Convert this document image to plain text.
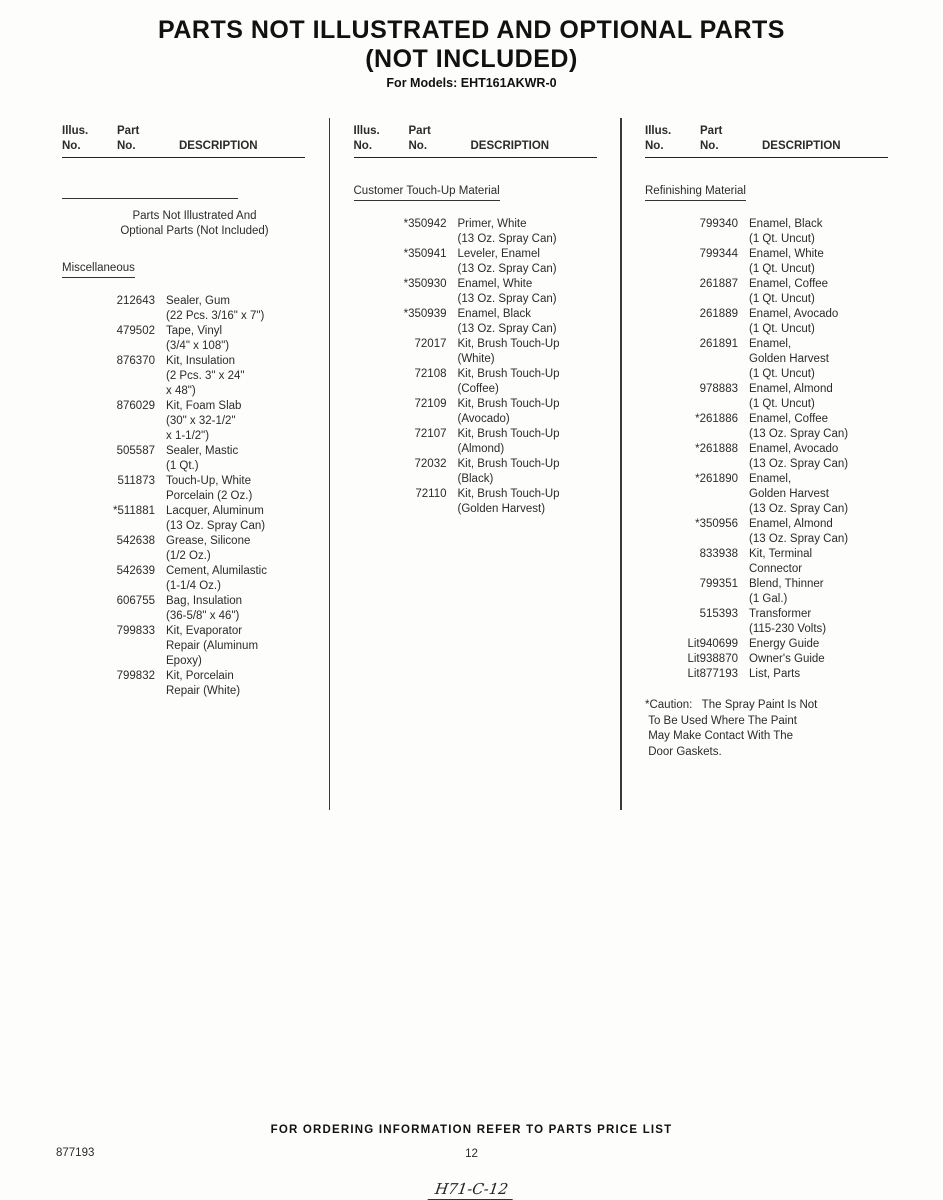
PARTS NOT ILLUSTRATED AND OPTIONAL PARTS
(NOT INCLUDED)
For Models: EHT161AKWR-0
Illus.
No.
Part
No.	DESCRIPTION
Parts Not Illustrated And
Optional Parts (Not Included)
Miscellaneous
212643 Sealer, Gum
(22 Pcs. 3/16" x 7")
479502 Tape, Vinyl
(3/4" x 108")
876370 Kit, Insulation
(2 Pcs. 3" x 24"
x 48")
876029 Kit, Foam Slab
(30" x 32-1/2"
x 1-1/2")
505587 Sealer, Mastic
(1 Qt.)
511873 Touch-Up, White
Porcelain (2 Oz.)
*511881 Lacquer, Aluminum
(13 Oz. Spray Can)
542638 Grease, Silicone
(1/2 Oz.)
542639 Cement, Alumilastic
(1-1/4 Oz.)
606755 Bag, Insulation
(36-5/8" x 46")
799833 Kit, Evaporator
Repair (Aluminum
Epoxy)
799832 Kit, Porcelain
Repair (White)
Illus.
No.
Part
No.	DESCRIPTION
Customer Touch-Up Material
*350942 Primer, White
(13 Oz. Spray Can)
*350941 Leveler, Enamel
(13 Oz. Spray Can)
*350930 Enamel, White
(13 Oz. Spray Can)
*350939 Enamel, Black
(13 Oz. Spray Can)
72017 Kit, Brush Touch-Up
(White)
72108 Kit, Brush Touch-Up
(Coffee)
72109 Kit, Brush Touch-Up
(Avocado)
72107 Kit, Brush Touch-Up
(Almond)
72032 Kit, Brush Touch-Up
(Black)
72110 Kit, Brush Touch-Up
(Golden Harvest)
Illus.
No.
Part
No.	DESCRIPTION
Refinishing Material
799340 Enamel, Black
(1 Qt. Uncut)
799344 Enamel, White
(1 Qt. Uncut)
261887 Enamel, Coffee
(1 Qt. Uncut)
261889 Enamel, Avocado
(1 Qt. Uncut)
261891 Enamel,
Golden Harvest
(1 Qt. Uncut)
978883 Enamel, Almond
(1 Qt. Uncut)
*261886 Enamel, Coffee
(13 Oz. Spray Can)
*261888 Enamel, Avocado
(13 Oz. Spray Can)
*261890 Enamel,
Golden Harvest
(13 Oz. Spray Can)
*350956 Enamel, Almond
(13 Oz. Spray Can)
833938 Kit, Terminal
Connector
799351 Blend, Thinner
(1 Gal.)
515393 Transformer
(115-230 Volts)
Lit940699 Energy Guide
Lit938870 Owner's Guide
Lit877193 List, Parts
*Caution:   The Spray Paint Is Not
To Be Used Where The Paint
May Make Contact With The
Door Gaskets.
FOR ORDERING INFORMATION REFER TO PARTS PRICE LIST
877193	12
H71-C-12
